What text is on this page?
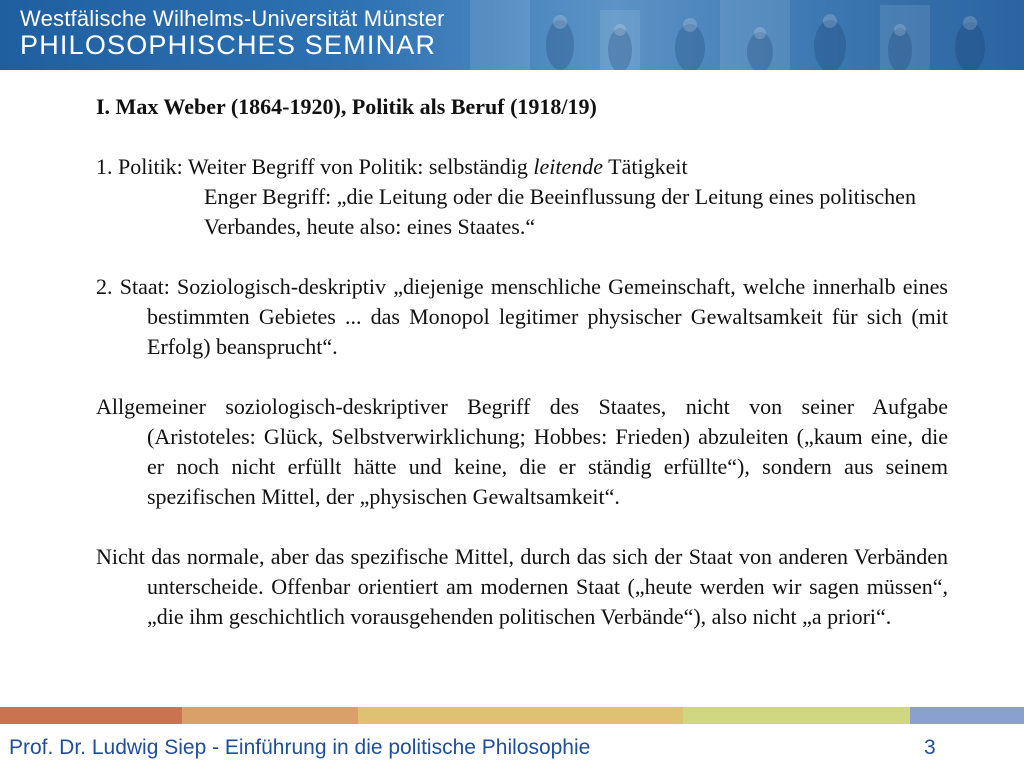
Westfälische Wilhelms-Universität Münster
PHILOSOPHISCHES SEMINAR

I. Max Weber (1864-1920), Politik als Beruf (1918/19)

1. Politik: Weiter Begriff von Politik: selbständig leitende Tätigkeit

Enger Begriff: „die Leitung oder die Beeinflussung der Leitung eines politischen Verbandes, heute also: eines Staates.“

2. Staat: Soziologisch-deskriptiv „diejenige menschliche Gemeinschaft, welche innerhalb eines bestimmten Gebietes ... das Monopol legitimer physischer Gewaltsamkeit für sich (mit Erfolg) beansprucht“.

Allgemeiner soziologisch-deskriptiver Begriff des Staates, nicht von seiner Aufgabe (Aristoteles: Glück, Selbstverwirklichung; Hobbes: Frieden) abzuleiten („kaum eine, die er noch nicht erfüllt hätte und keine, die er ständig erfüllte“), sondern aus seinem spezifischen Mittel, der „physischen Gewaltsamkeit“.

Nicht das normale, aber das spezifische Mittel, durch das sich der Staat von anderen Verbänden unterscheide. Offenbar orientiert am modernen Staat („heute werden wir sagen müssen“, „die ihm geschichtlich vorausgehenden politischen Verbände“), also nicht „a priori“.

Prof. Dr. Ludwig Siep - Einführung in die politische Philosophie	3
